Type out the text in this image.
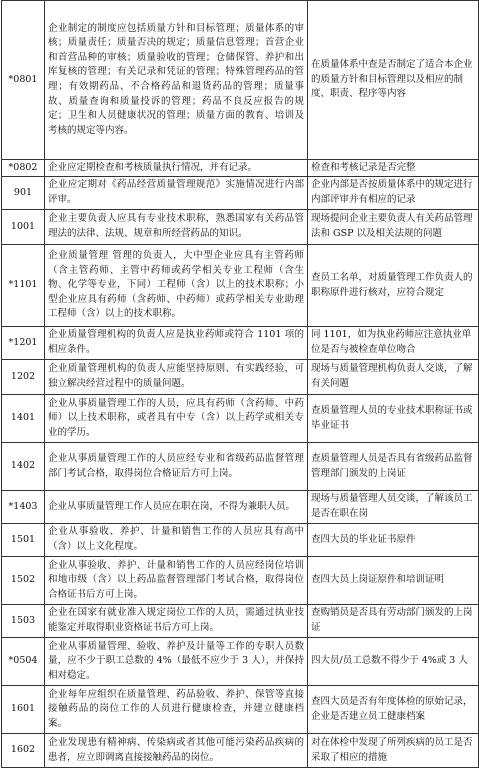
*0801	企业制定的制度应包括质量方针和目标管理；质量体系的审核；质量责任；质量否决的规定；质量信息管理；首营企业和首营品种的审核；质量验收的管理；仓储保管、养护和出库复核的管理；有关记录和凭证的管理；特殊管理药品的管理；有效期药品、不合格药品和退货药品的管理；质量事故、质量查询和质量投诉的管理；药品不良反应报告的规定；卫生和人员健康状况的管理；质量方面的教育、培训及考核的规定等内容。	在质量体系中查是否制定了适合本企业的质量方针和目标管理以及相应的制度、职责、程序等内容
*0802	企业应定期检查和考核质量执行情况，并有记录。	检查和考核记录是否完整
901	企业应定期对《药品经营质量管理规范》实施情况进行内部评审。	企业内部是否按质量体系中的规定进行内部评审并有相应的记录
1001	企业主要负责人应具有专业技术职称，熟悉国家有关药品管理法的法律、法规、规章和所经营药品的知识。	现场提问企业主要负责人有关药品管理法和 GSP 以及相关法规的问题
*1101	企业质量管理 管理的负责人，大中型企业应具有主管药师（含主管药师、主管中药师或药学相关专业工程师（含生物、化学等专业，下同）工程师（含）以上的技术职称；小型企业应具有药师（含药师、中药师）或药学相关专业助理工程师（含）以上的技术职称。	查员工名单，对质量管理工作负责人的职称原件进行核对，应符合规定
*1201	企业质量管理机构的负责人应是执业药师或符合 1101 项的相应条件。	同 1101，如为执业药师应注意执业单位是否与被检查单位吻合
1202	企业质量管理机构的负责人应能坚持原则、有实践经验，可独立解决经营过程中的质量问题。	现场与质量管理机构负责人交谈，了解有关问题
1401	企业从事质量管理工作的人员，应具有药师（含药师、中药师）以上技术职称，或者具有中专（含）以上药学或相关专业的学历。	查质量管理人员的专业技术职称证书或毕业证书
1402	企业从事质量管理工作的人员应经专业和省级药品监督管理部门考试合格，取得岗位合格证后方可上岗。	查质量管理人员是否具有省级药品监督管理部门颁发的上岗证
*1403	企业从事质量管理工作人员应在职在岗，不得为兼职人员。	现场与质量管理人员交谈，了解该员工是否在职在岗
1501	企业从事验收、养护、计量和销售工作的人员应具有高中（含）以上文化程度。	查四大员的毕业证书原件
1502	企业从事验收、养护、计量和销售工作的人员应经岗位培训和地市级（含）以上药品监督管理部门考试合格，取得岗位合格证书后方可上岗。	查四大员上岗证原件和培训证明
1503	企业在国家有就业准入规定岗位工作的人员，需通过执业技能鉴定并取得职业资格证书后方可上岗。	查购销员是否具有劳动部门颁发的上岗证
*0504	企业从事质量管理、验收、养护及计量等工作的专职人员数量，应不少于职工总数的 4%（最低不应少于 3 人），并保持相对稳定。	四大员/员工总数不得少于 4%或 3 人
1601	企业每年应组织在质量管理、药品验收、养护、保管等直接接触药品的岗位工作的人员进行健康检查，并建立健康档案。	查四大员是否有年度体检的原始记录，企业是否建立员工健康档案
1602	企业发现患有精神病、传染病或者其他可能污染药品疾病的患者，应立即调离直接接触药品的岗位。	对在体检中发现了所列疾病的员工是否采取了相应的措施
